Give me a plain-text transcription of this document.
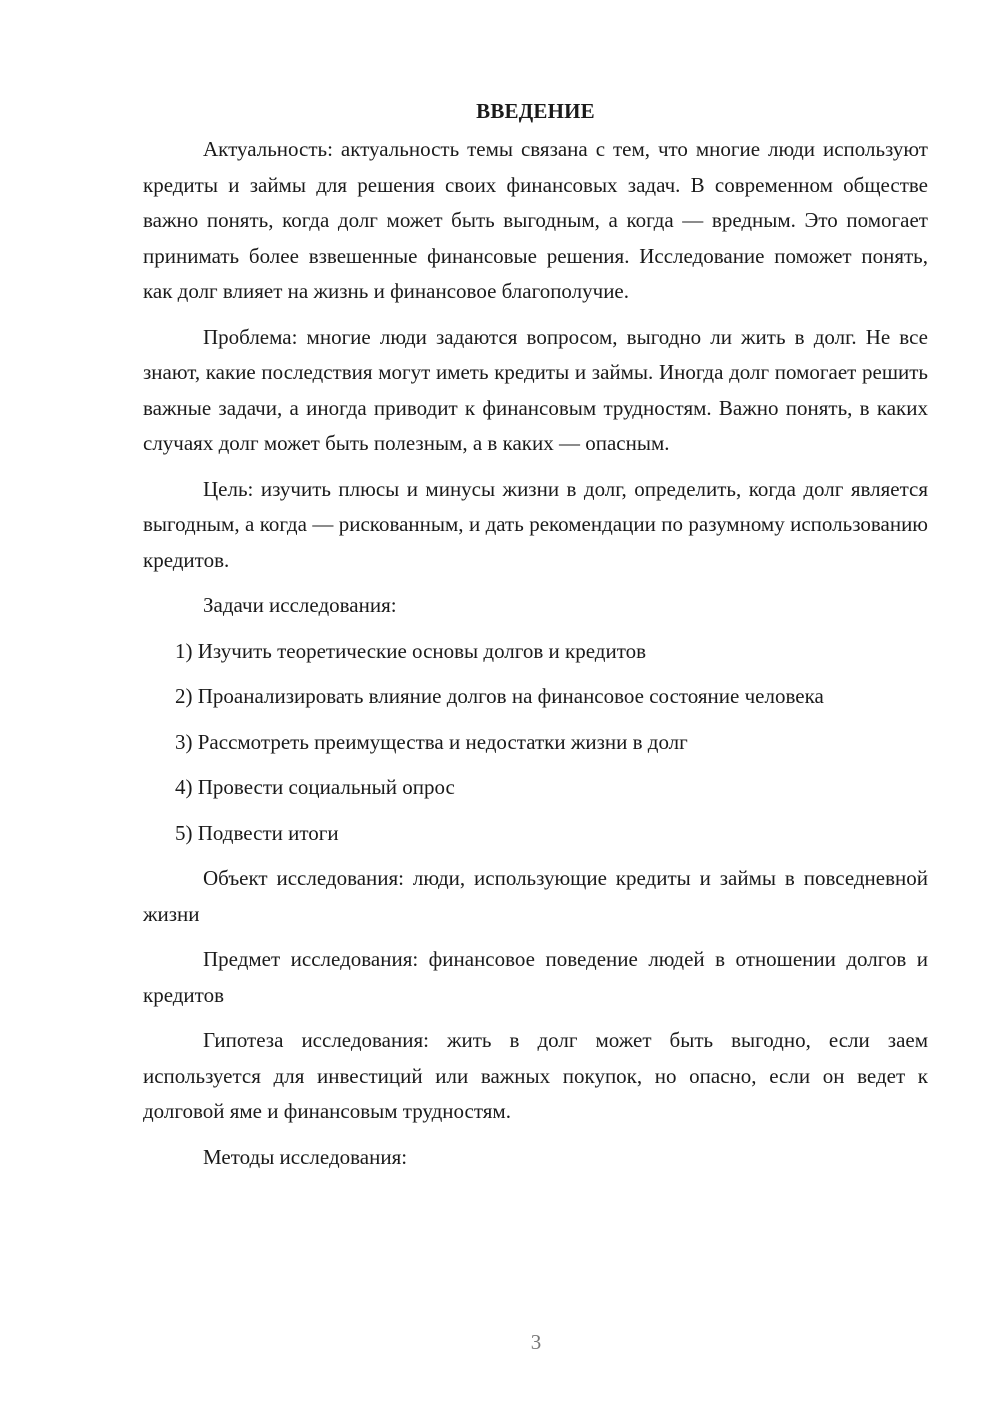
ВВЕДЕНИЕ

Актуальность: актуальность темы связана с тем, что многие люди используют кредиты и займы для решения своих финансовых задач. В современном обществе важно понять, когда долг может быть выгодным, а когда — вредным. Это помогает принимать более взвешенные финансовые решения. Исследование поможет понять, как долг влияет на жизнь и финансовое благополучие.

Проблема: многие люди задаются вопросом, выгодно ли жить в долг. Не все знают, какие последствия могут иметь кредиты и займы. Иногда долг помогает решить важные задачи, а иногда приводит к финансовым трудностям. Важно понять, в каких случаях долг может быть полезным, а в каких — опасным.

Цель: изучить плюсы и минусы жизни в долг, определить, когда долг является выгодным, а когда — рискованным, и дать рекомендации по разумному использованию кредитов.

Задачи исследования:

1) Изучить теоретические основы долгов и кредитов

2) Проанализировать влияние долгов на финансовое состояние человека

3) Рассмотреть преимущества и недостатки жизни в долг

4) Провести социальный опрос

5) Подвести итоги

Объект исследования: люди, использующие кредиты и займы в повседневной жизни

Предмет исследования: финансовое поведение людей в отношении долгов и кредитов

Гипотеза исследования: жить в долг может быть выгодно, если заем используется для инвестиций или важных покупок, но опасно, если он ведет к долговой яме и финансовым трудностям.

Методы исследования:

3
